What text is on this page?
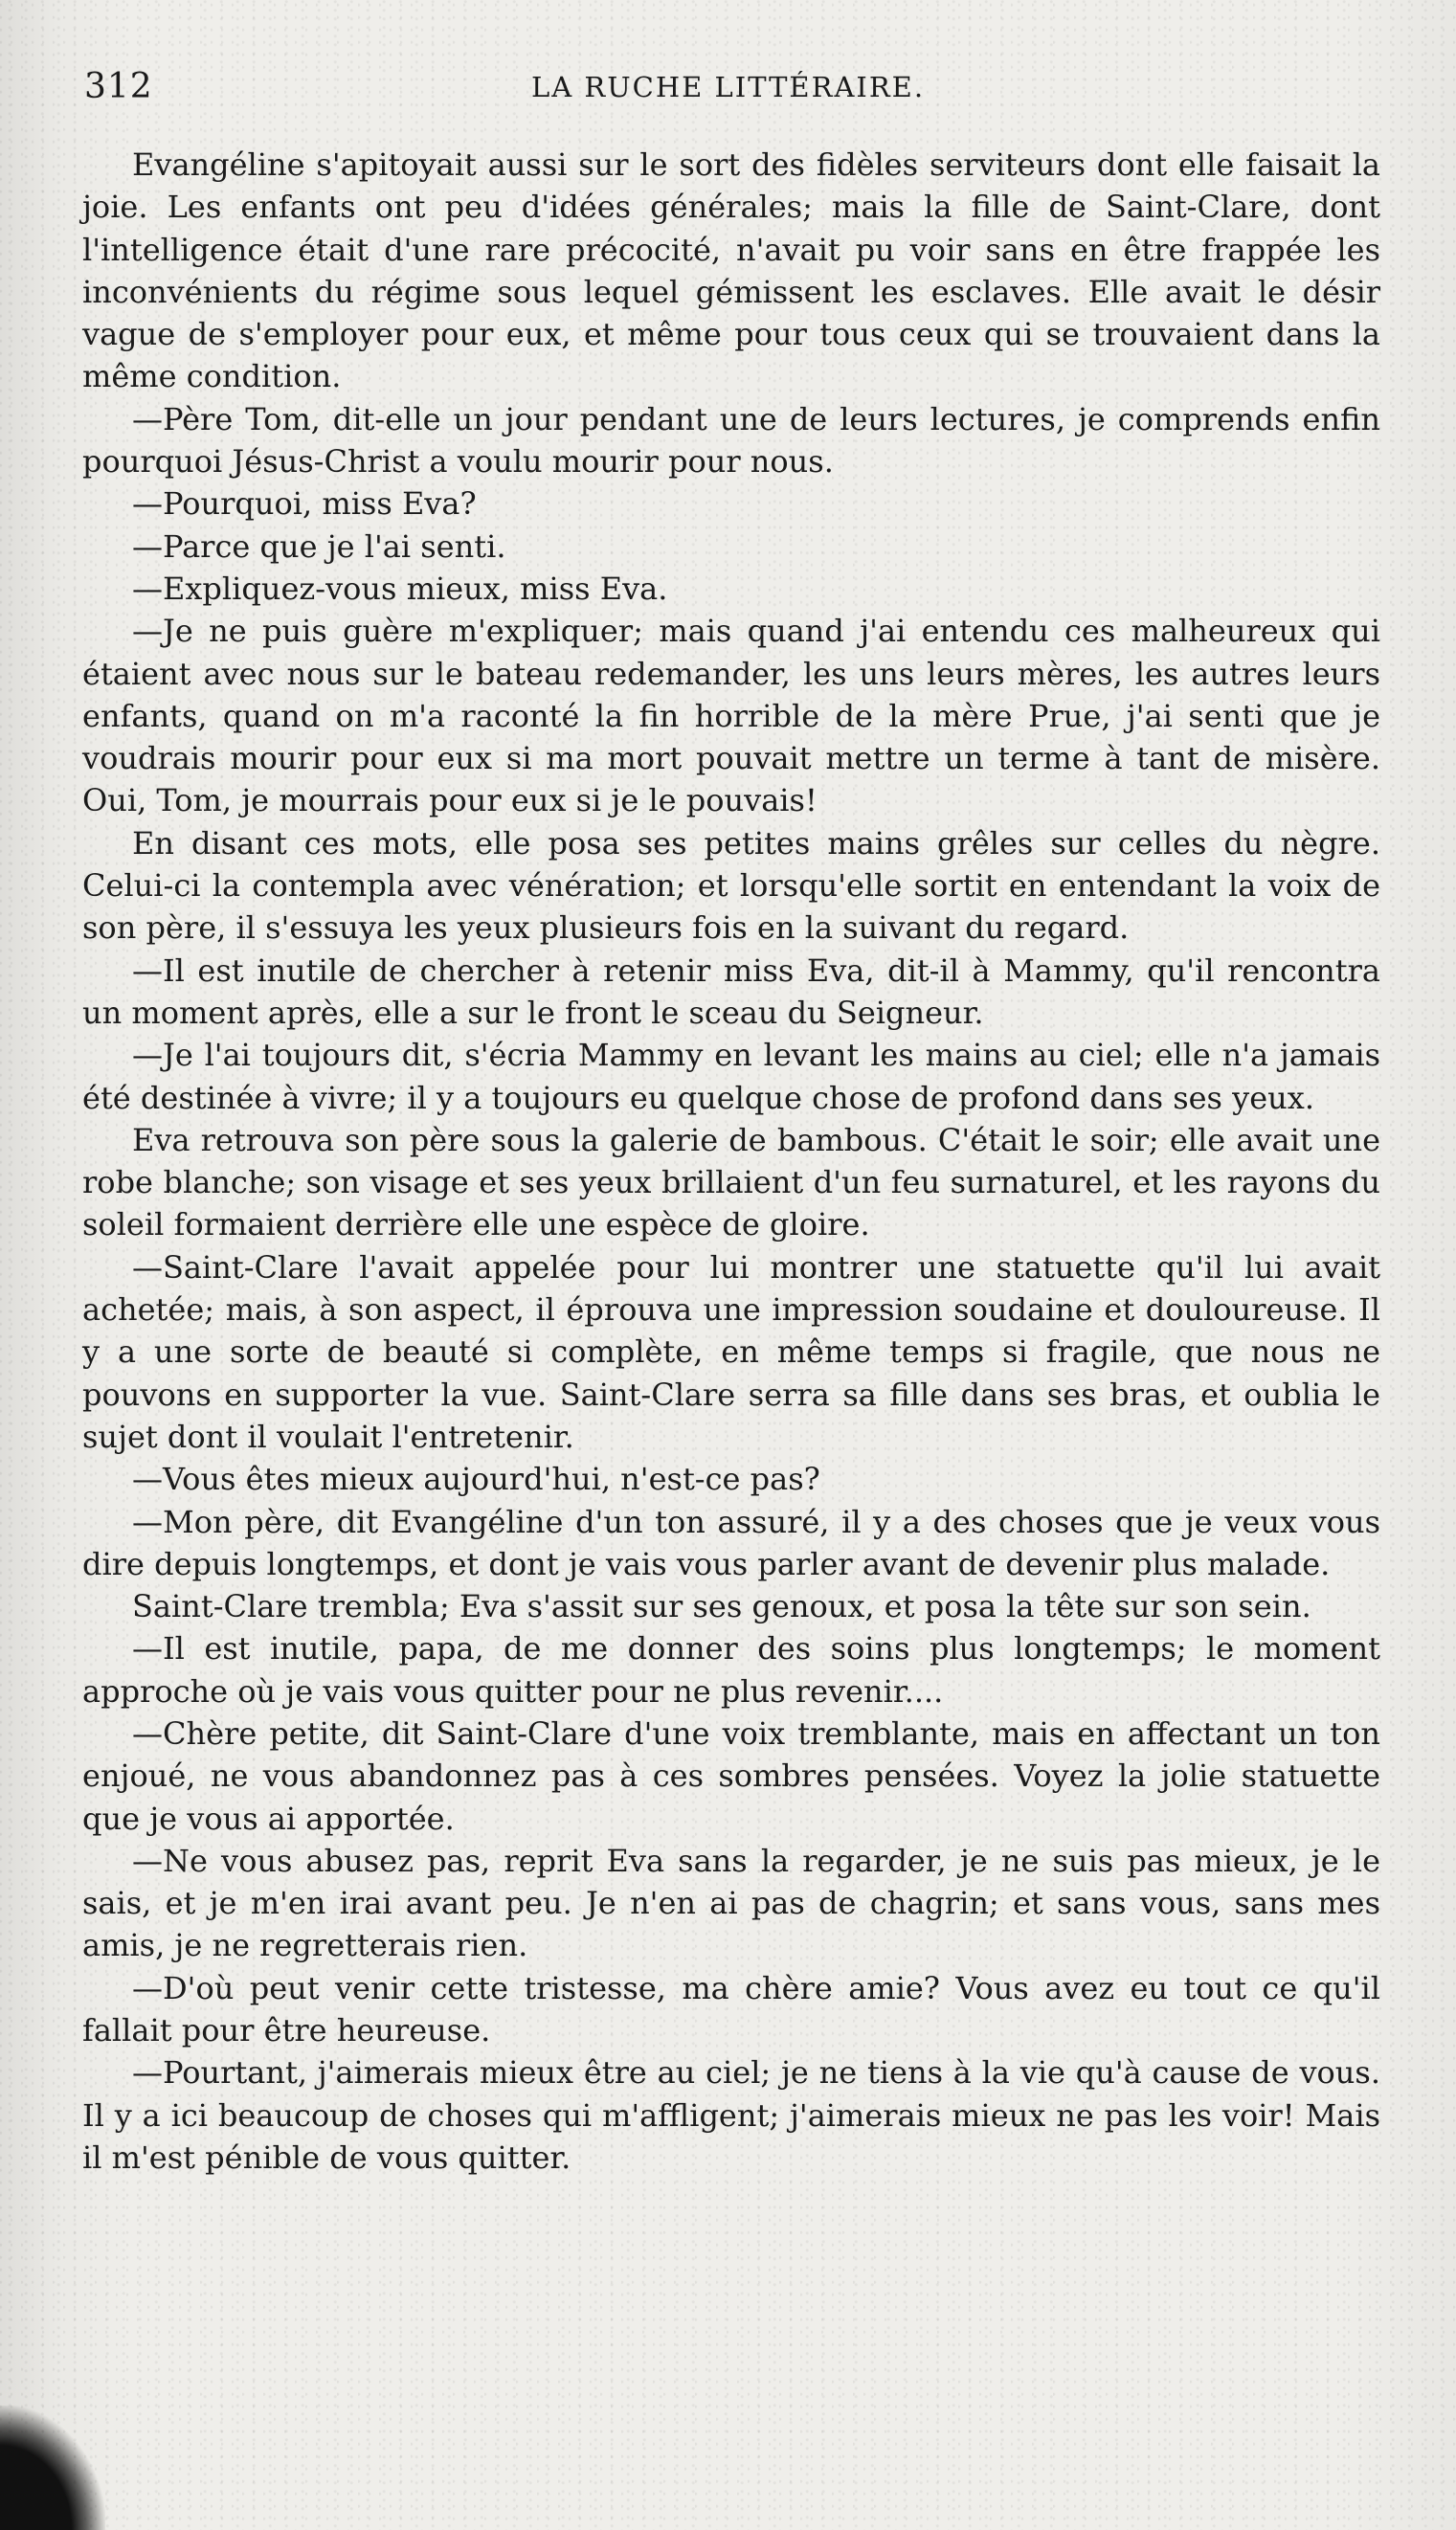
312	LA RUCHE LITTÉRAIRE.

Evangéline s'apitoyait aussi sur le sort des fidèles serviteurs dont elle faisait la joie. Les enfants ont peu d'idées générales; mais la fille de Saint-Clare, dont l'intelligence était d'une rare précocité, n'avait pu voir sans en être frappée les inconvénients du régime sous lequel gémissent les esclaves. Elle avait le désir vague de s'employer pour eux, et même pour tous ceux qui se trouvaient dans la même condition.

—Père Tom, dit-elle un jour pendant une de leurs lectures, je comprends enfin pourquoi Jésus-Christ a voulu mourir pour nous.

—Pourquoi, miss Eva?

—Parce que je l'ai senti.

—Expliquez-vous mieux, miss Eva.

—Je ne puis guère m'expliquer; mais quand j'ai entendu ces malheureux qui étaient avec nous sur le bateau redemander, les uns leurs mères, les autres leurs enfants, quand on m'a raconté la fin horrible de la mère Prue, j'ai senti que je voudrais mourir pour eux si ma mort pouvait mettre un terme à tant de misère. Oui, Tom, je mourrais pour eux si je le pouvais!

En disant ces mots, elle posa ses petites mains grêles sur celles du nègre. Celui-ci la contempla avec vénération; et lorsqu'elle sortit en entendant la voix de son père, il s'essuya les yeux plusieurs fois en la suivant du regard.

—Il est inutile de chercher à retenir miss Eva, dit-il à Mammy, qu'il rencontra un moment après, elle a sur le front le sceau du Seigneur.

—Je l'ai toujours dit, s'écria Mammy en levant les mains au ciel; elle n'a jamais été destinée à vivre; il y a toujours eu quelque chose de profond dans ses yeux.

Eva retrouva son père sous la galerie de bambous. C'était le soir; elle avait une robe blanche; son visage et ses yeux brillaient d'un feu surnaturel, et les rayons du soleil formaient derrière elle une espèce de gloire.

—Saint-Clare l'avait appelée pour lui montrer une statuette qu'il lui avait achetée; mais, à son aspect, il éprouva une impression soudaine et douloureuse. Il y a une sorte de beauté si complète, en même temps si fragile, que nous ne pouvons en supporter la vue. Saint-Clare serra sa fille dans ses bras, et oublia le sujet dont il voulait l'entretenir.

—Vous êtes mieux aujourd'hui, n'est-ce pas?

—Mon père, dit Evangéline d'un ton assuré, il y a des choses que je veux vous dire depuis longtemps, et dont je vais vous parler avant de devenir plus malade.

Saint-Clare trembla; Eva s'assit sur ses genoux, et posa la tête sur son sein.

—Il est inutile, papa, de me donner des soins plus longtemps; le moment approche où je vais vous quitter pour ne plus revenir....

—Chère petite, dit Saint-Clare d'une voix tremblante, mais en affectant un ton enjoué, ne vous abandonnez pas à ces sombres pensées. Voyez la jolie statuette que je vous ai apportée.

—Ne vous abusez pas, reprit Eva sans la regarder, je ne suis pas mieux, je le sais, et je m'en irai avant peu. Je n'en ai pas de chagrin; et sans vous, sans mes amis, je ne regretterais rien.

—D'où peut venir cette tristesse, ma chère amie? Vous avez eu tout ce qu'il fallait pour être heureuse.

—Pourtant, j'aimerais mieux être au ciel; je ne tiens à la vie qu'à cause de vous. Il y a ici beaucoup de choses qui m'affligent; j'aimerais mieux ne pas les voir! Mais il m'est pénible de vous quitter.
